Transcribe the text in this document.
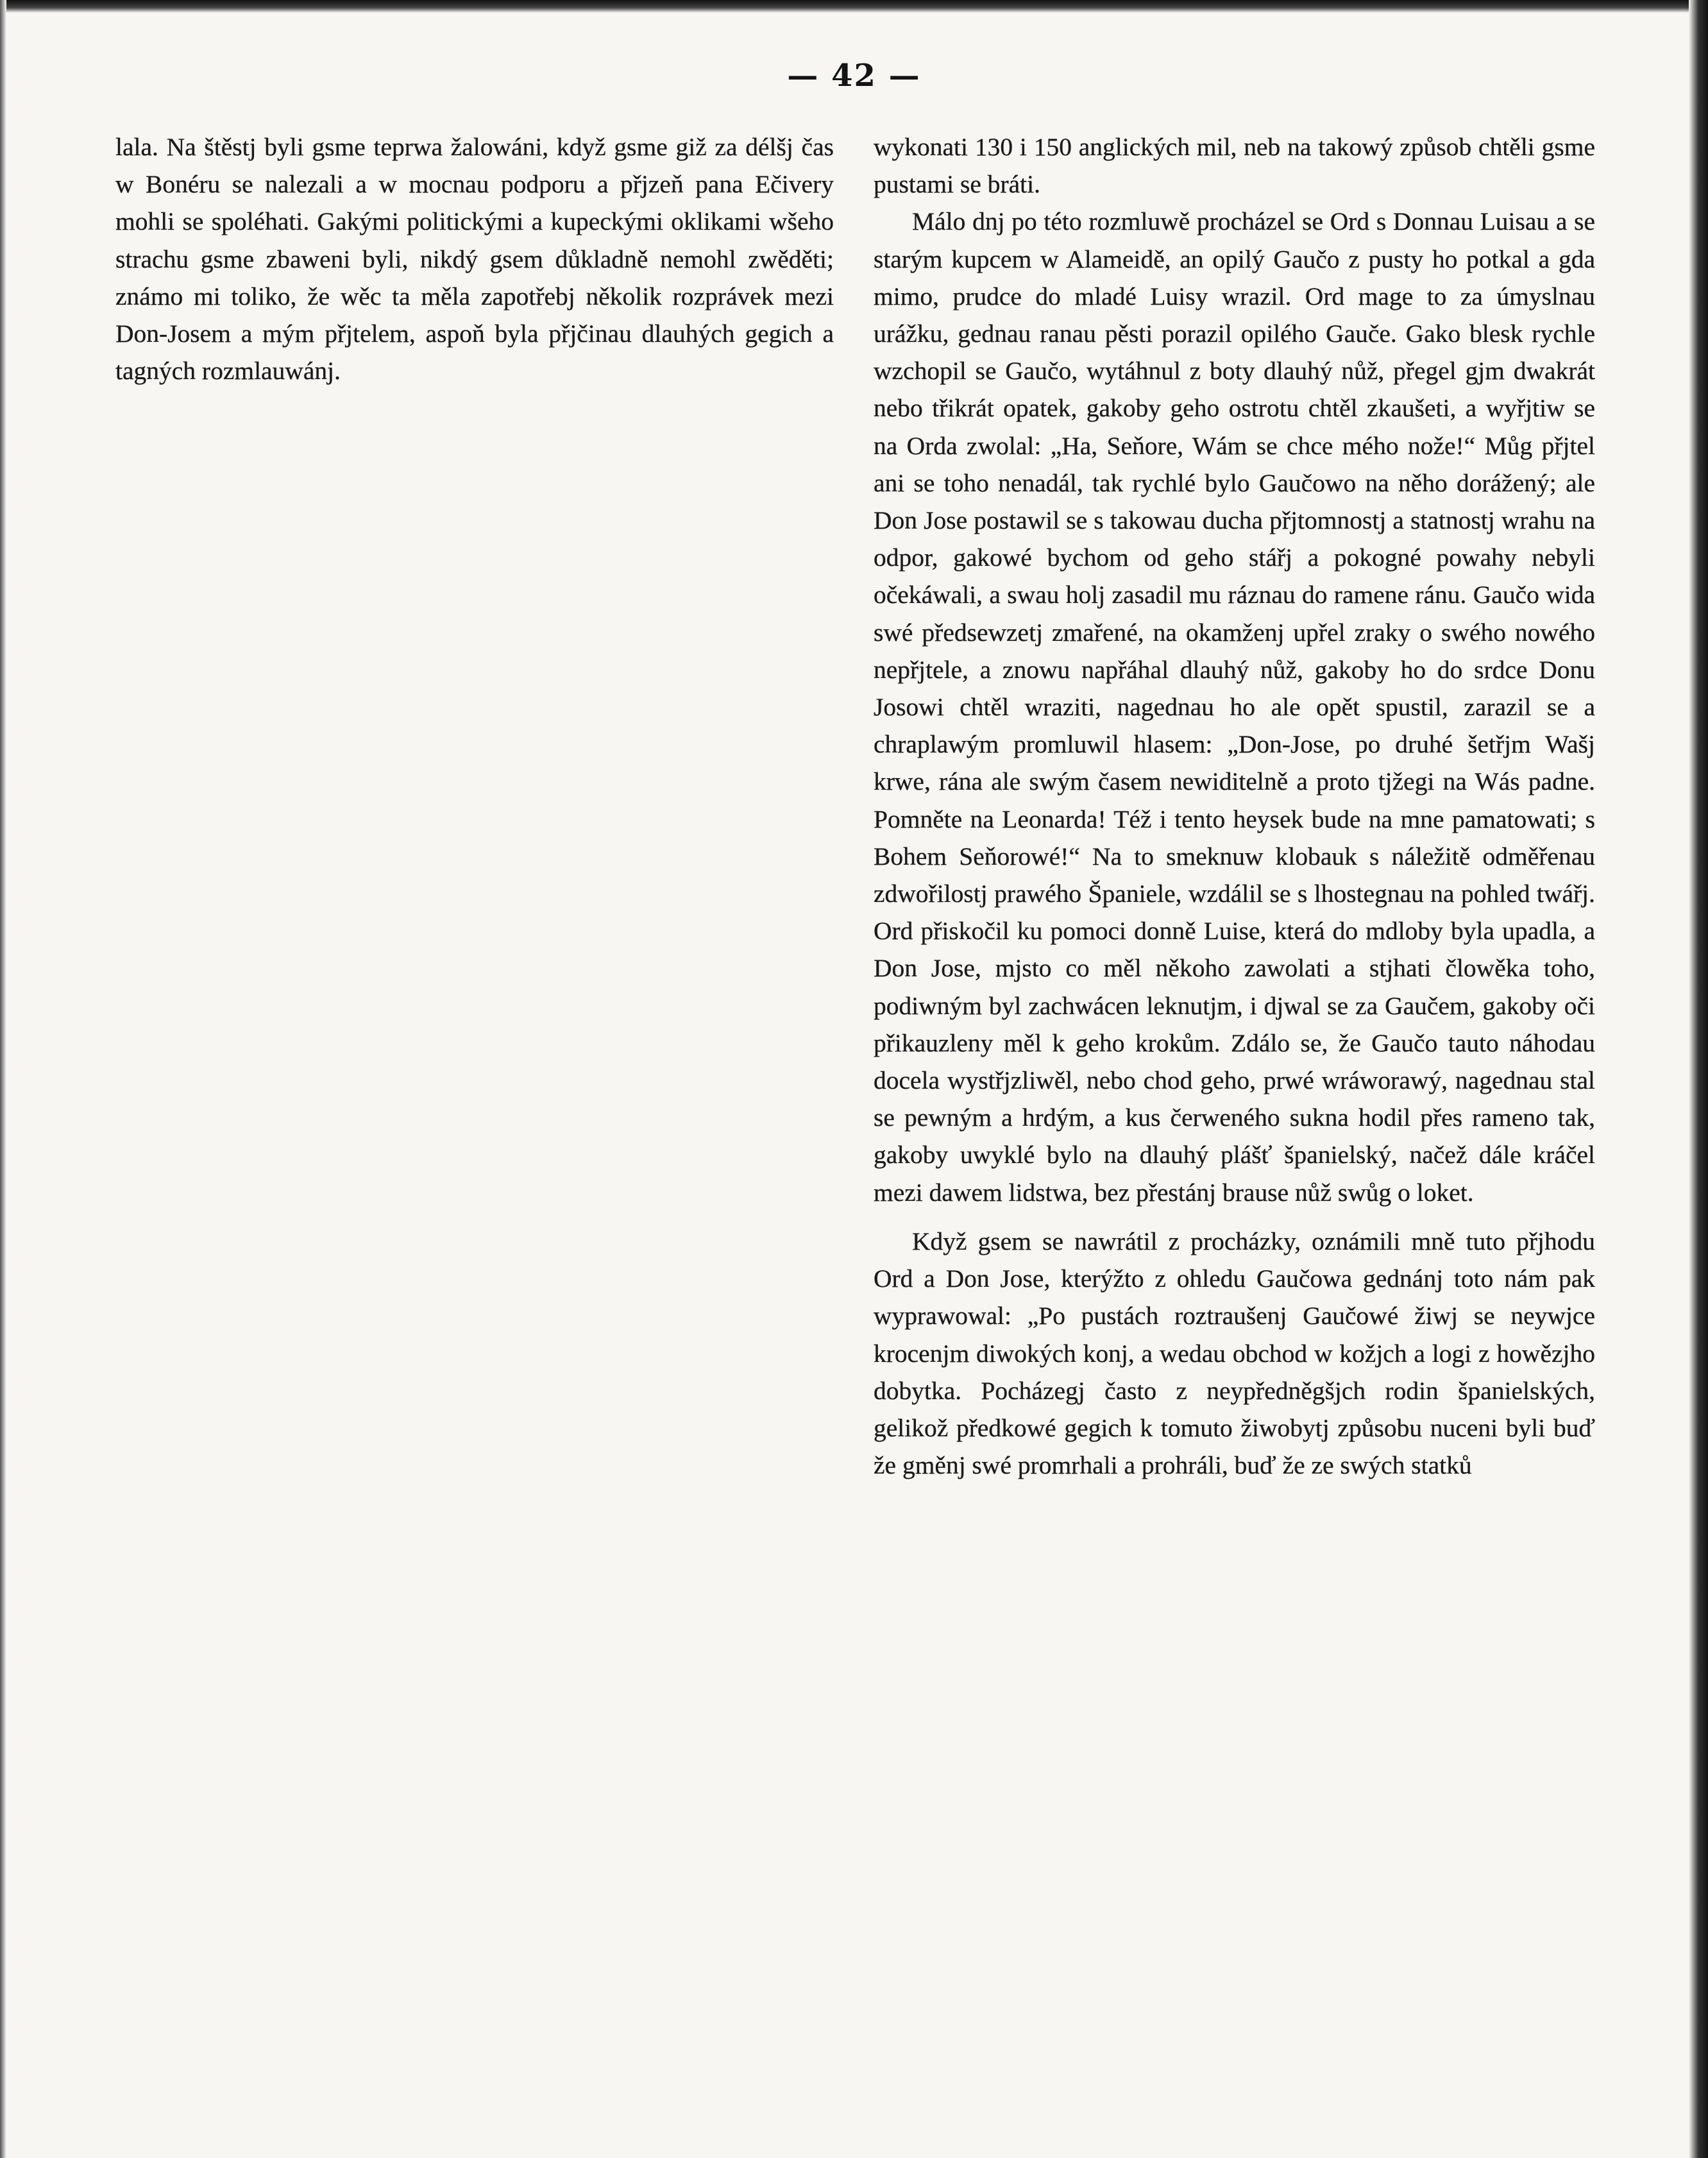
— 42 —

lala. Na štěstj byli gsme teprwa žalowáni, když gsme giž za délšj čas w Bonéru se nalezali a w mocnau podporu a přjzeň pana Ečivery mohli se spoléhati. Gakými politickými a kupeckými oklikami wšeho strachu gsme zbaweni byli, nikdý gsem důkladně nemohl zwěděti; známo mi toliko, že wěc ta měla zapotřebj několik rozprávek mezi Don-Josem a mým přjtelem, aspoň byla přjčinau dlauhých gegich a tagných rozmlauwánj.

wykonati 130 i 150 anglických mil, neb na takowý způsob chtěli gsme pustami se bráti.

Málo dnj po této rozmluwě procházel se Ord s Donnau Luisau a se starým kupcem w Alameidě, an opilý Gaučo z pusty ho potkal a gda mimo, prudce do mladé Luisy wrazil. Ord mage to za úmyslnau urážku, gednau ranau pěsti porazil opilého Gauče. Gako blesk rychle wzchopil se Gaučo, wytáhnul z boty dlauhý nůž, přegel gjm dwakrát nebo třikrát opatek, gakoby geho ostrotu chtěl zkaušeti, a wyřjtiw se na Orda zwolal: „Ha, Seňore, Wám se chce mého nože!“ Můg přjtel ani se toho nenadál, tak rychlé bylo Gaučowo na něho dorážený; ale Don Jose postawil se s takowau ducha přjtomnostj a statnostj wrahu na odpor, gakowé bychom od geho stářj a pokogné powahy nebyli očekáwali, a swau holj zasadil mu ráznau do ramene ránu. Gaučo wida swé předsewzetj zmařené, na okamženj upřel zraky o swého nowého nepřjtele, a znowu napřáhal dlauhý nůž, gakoby ho do srdce Donu Josowi chtěl wraziti, nagednau ho ale opět spustil, zarazil se a chraplawým promluwil hlasem: „Don-Jose, po druhé šetřjm Wašj krwe, rána ale swým časem newiditelně a proto tjžegi na Wás padne. Pomněte na Leonarda! Též i tento heysek bude na mne pamatowati; s Bohem Seňorowé!“ Na to smeknuw klobauk s náležitě odměřenau zdwořilostj prawého Španiele, wzdálil se s lhostegnau na pohled twářj. Ord přiskočil ku pomoci donně Luise, která do mdloby byla upadla, a Don Jose, mjsto co měl někoho zawolati a stjhati člowěka toho, podiwným byl zachwácen leknutjm, i djwal se za Gaučem, gakoby oči přikauzleny měl k geho krokům. Zdálo se, že Gaučo tauto náhodau docela wystřjzliwěl, nebo chod geho, prwé wráworawý, nagednau stal se pewným a hrdým, a kus čerweného sukna hodil přes rameno tak, gakoby uwyklé bylo na dlauhý plášť španielský, načež dále kráčel mezi dawem lidstwa, bez přestánj brause nůž swůg o loket.

Když gsem se nawrátil z procházky, oznámili mně tuto přjhodu Ord a Don Jose, kterýžto z ohledu Gaučowa gednánj toto nám pak wyprawowal: „Po pustách roztraušenj Gaučowé žiwj se neywjce krocenjm diwokých konj, a wedau obchod w kožjch a logi z howězjho dobytka. Pocházegj často z neypředněgšjch rodin španielských, gelikož předkowé gegich k tomuto žiwobytj způsobu nuceni byli buď že gměnj swé promrhali a prohráli, buď že ze swých statků
